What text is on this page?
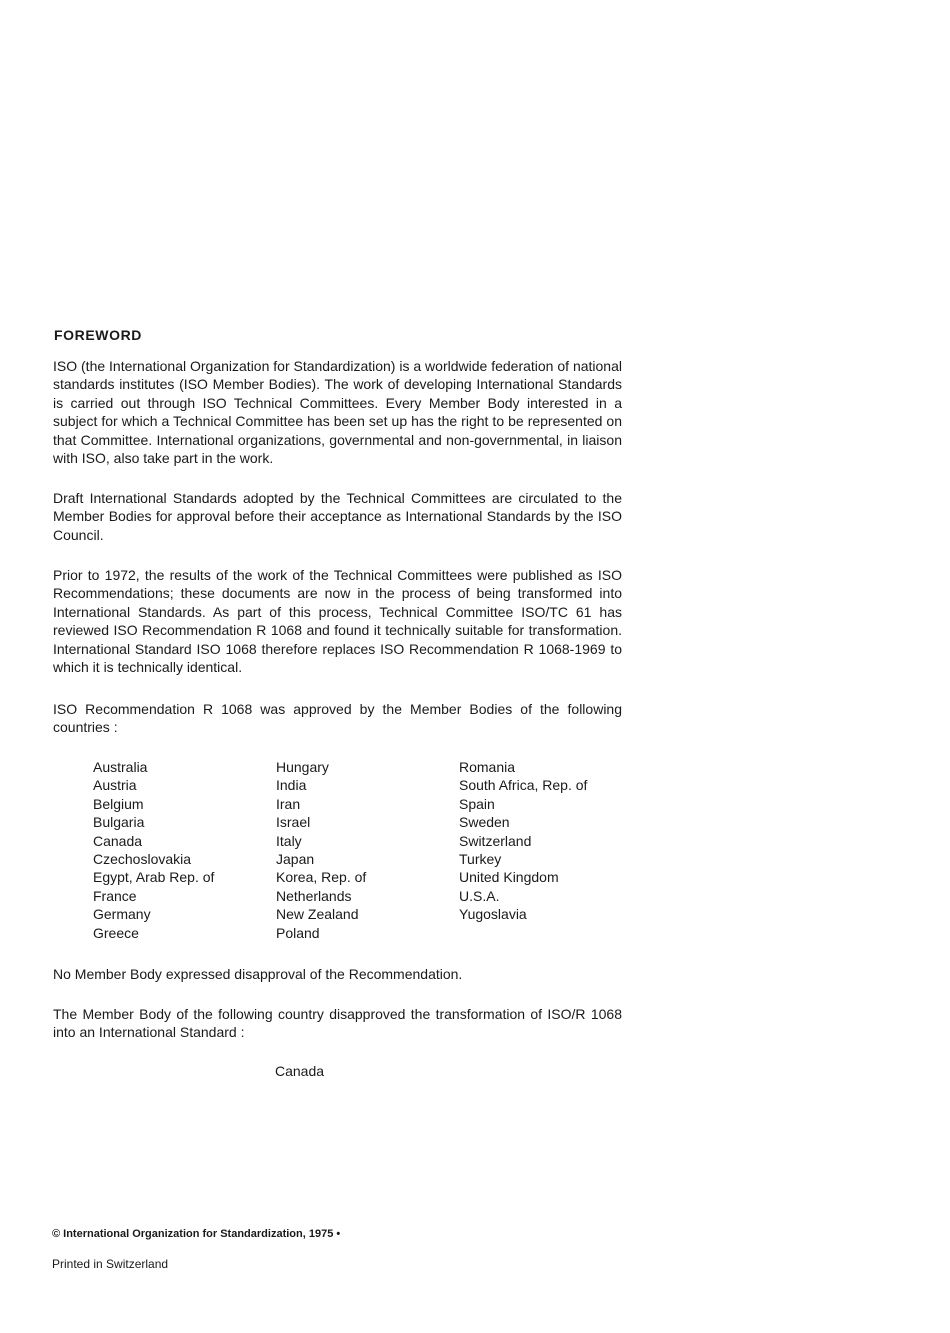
FOREWORD

ISO (the International Organization for Standardization) is a worldwide federation of national standards institutes (ISO Member Bodies). The work of developing International Standards is carried out through ISO Technical Committees. Every Member Body interested in a subject for which a Technical Committee has been set up has the right to be represented on that Committee. International organizations, governmental and non-governmental, in liaison with ISO, also take part in the work.

Draft International Standards adopted by the Technical Committees are circulated to the Member Bodies for approval before their acceptance as International Standards by the ISO Council.

Prior to 1972, the results of the work of the Technical Committees were published as ISO Recommendations; these documents are now in the process of being transformed into International Standards. As part of this process, Technical Committee ISO/TC 61 has reviewed ISO Recommendation R 1068 and found it technically suitable for transformation. International Standard ISO 1068 therefore replaces ISO Recommendation R 1068-1969 to which it is technically identical.

ISO Recommendation R 1068 was approved by the Member Bodies of the following countries :

Australia
Austria
Belgium
Bulgaria
Canada
Czechoslovakia
Egypt, Arab Rep. of
France
Germany
Greece
Hungary
India
Iran
Israel
Italy
Japan
Korea, Rep. of
Netherlands
New Zealand
Poland
Romania
South Africa, Rep. of
Spain
Sweden
Switzerland
Turkey
United Kingdom
U.S.A.
Yugoslavia

No Member Body expressed disapproval of the Recommendation.

The Member Body of the following country disapproved the transformation of ISO/R 1068 into an International Standard :

Canada
© International Organization for Standardization, 1975 •
Printed in Switzerland
